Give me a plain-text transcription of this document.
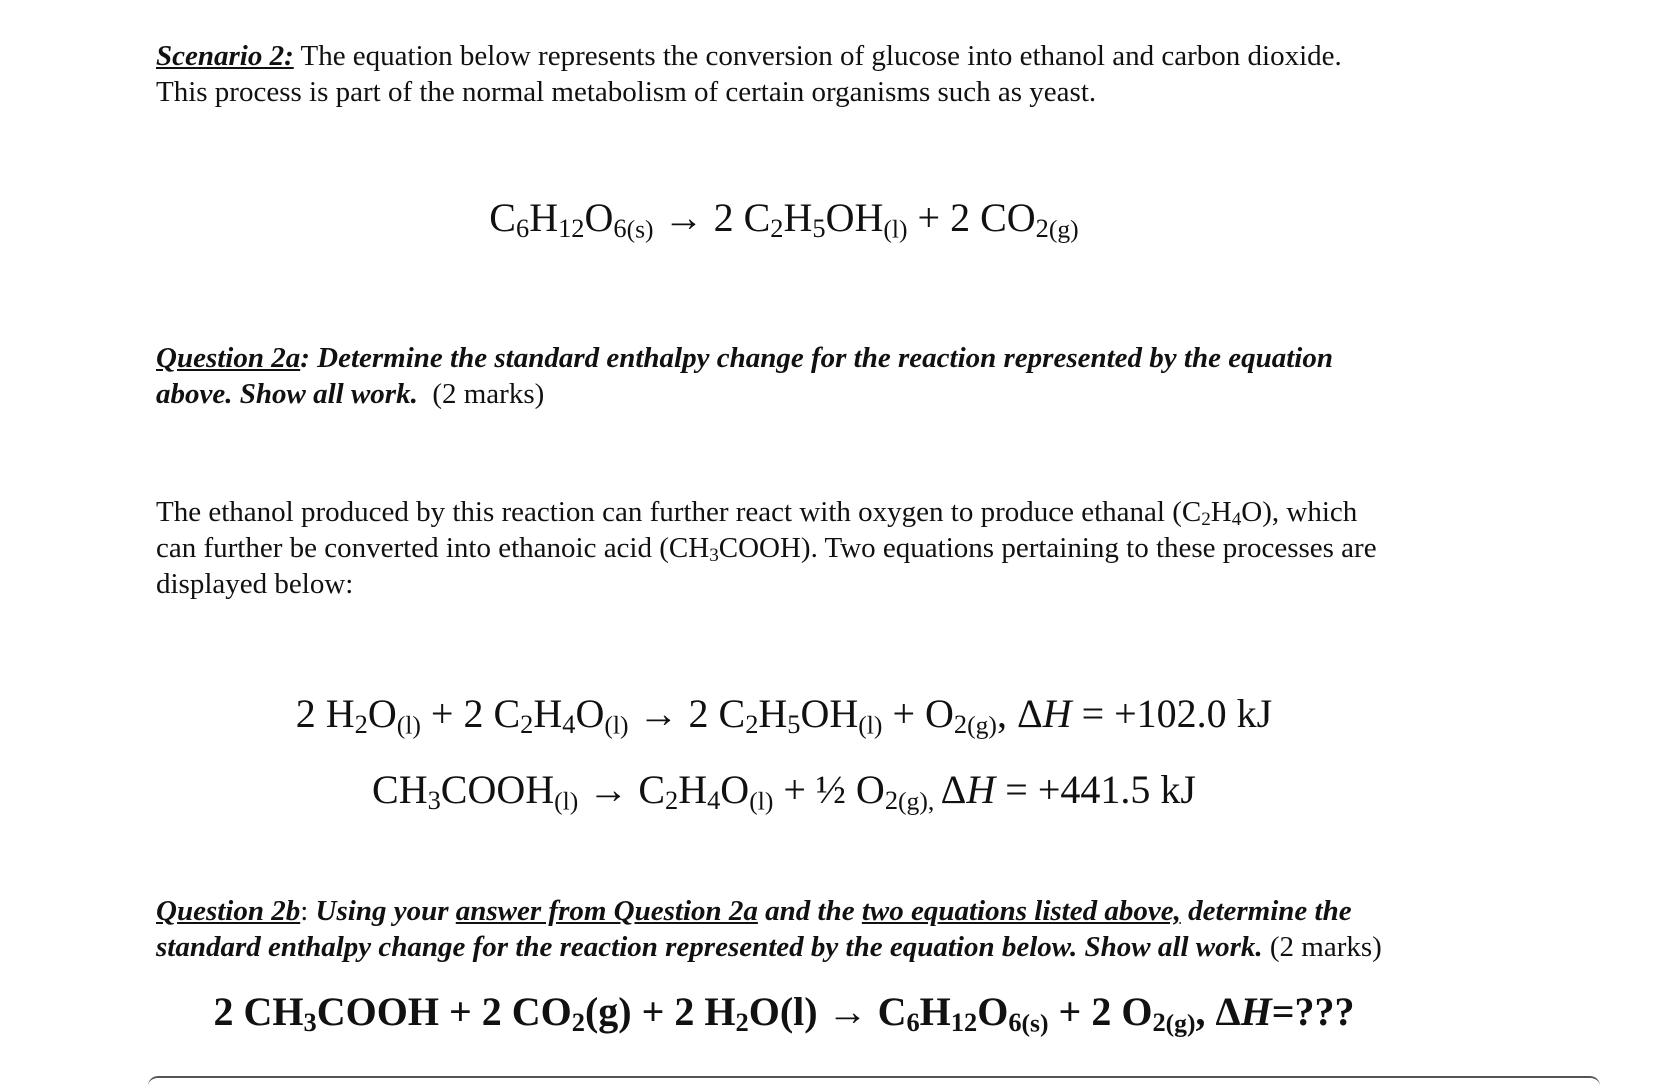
Scenario 2: The equation below represents the conversion of glucose into ethanol and carbon dioxide.

This process is part of the normal metabolism of certain organisms such as yeast.

$C_6H_{12}O_6(s) \to 2$ $C_2H_5OH(l) + 2$ $CO_2(g)$

Question 2a: Determine the standard enthalpy change for the reaction represented by the equation

above. Show all work.  (2 marks)

The ethanol produced by this reaction can further react with oxygen to produce ethanal $(C_2H_4O)$, which

can further be converted into ethanoic acid $(CH_3COOH)$. Two equations pertaining to these processes are

displayed below:

2 $H_2O(l) + 2$ $C_2H_4O(l) \to 2$ $C_2H_5OH(l) + O_2(g)$, ΔH = +102.0 kJ
$CH_3COOH(l) \to C_2H_4O(l)$ + ½ $O_2(g)$, ΔH = +441.5 kJ

Question 2b: Using your answer from Question 2a and the two equations listed above, determine the

standard enthalpy change for the reaction represented by the equation below. Show all work. (2 marks)

2 $CH_3COOH + 2$ $CO_2(g) + 2$ $H_2O(l) \to C_6H_{12}O_6(s) + 2$ $O_2(g)$, ΔH=???
